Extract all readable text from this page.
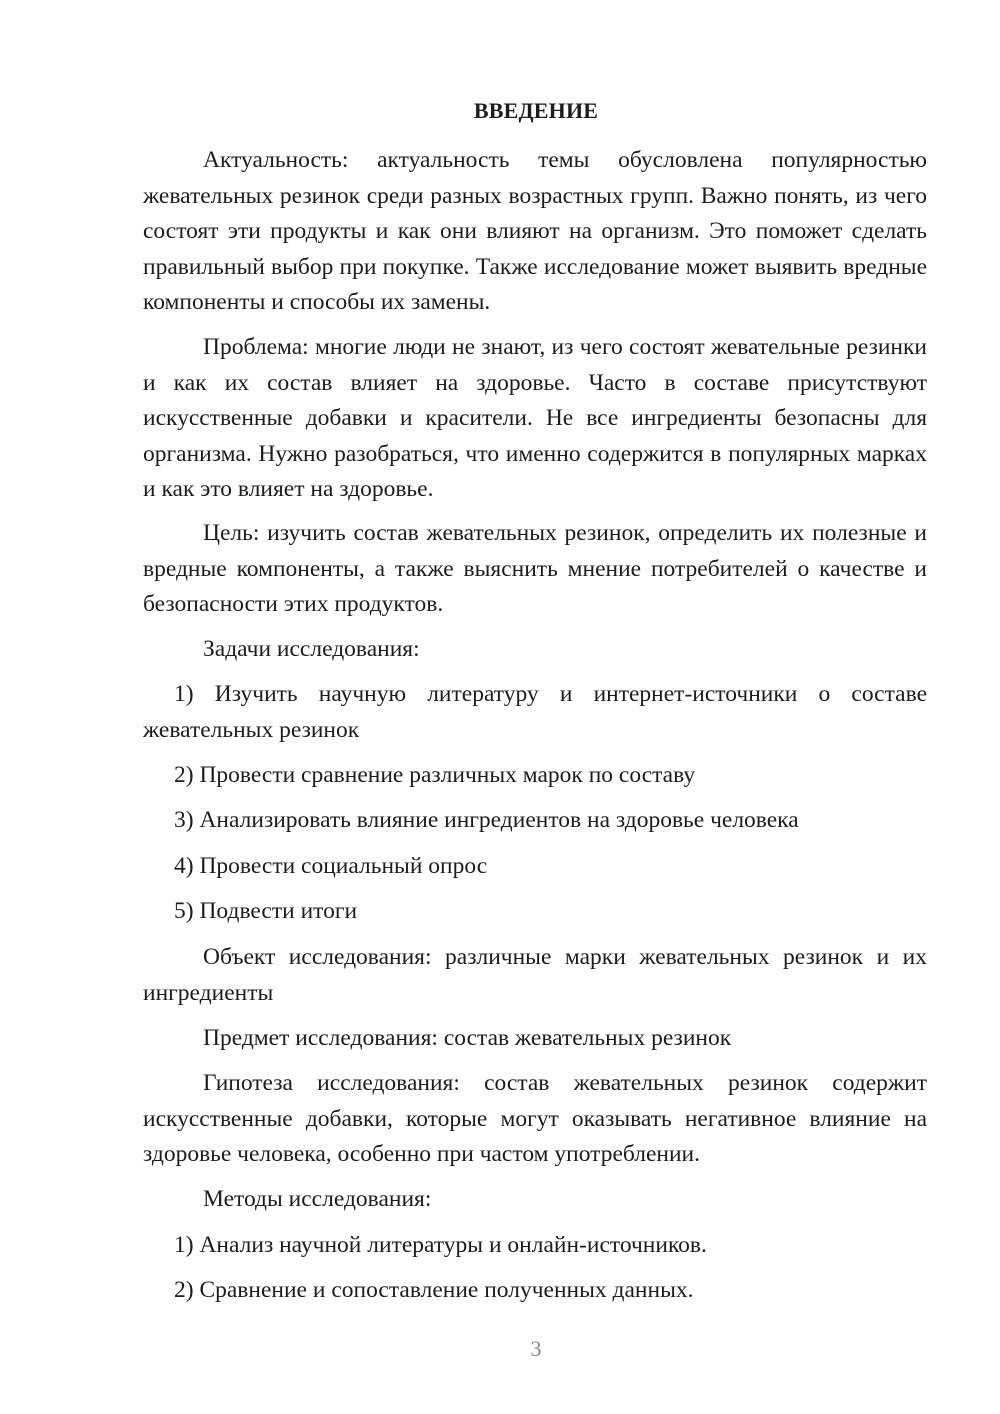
ВВЕДЕНИЕ

Актуальность: актуальность темы обусловлена популярностью жевательных резинок среди разных возрастных групп. Важно понять, из чего состоят эти продукты и как они влияют на организм. Это поможет сделать правильный выбор при покупке. Также исследование может выявить вредные компоненты и способы их замены.

Проблема: многие люди не знают, из чего состоят жевательные резинки и как их состав влияет на здоровье. Часто в составе присутствуют искусственные добавки и красители. Не все ингредиенты безопасны для организма. Нужно разобраться, что именно содержится в популярных марках и как это влияет на здоровье.

Цель: изучить состав жевательных резинок, определить их полезные и вредные компоненты, а также выяснить мнение потребителей о качестве и безопасности этих продуктов.

Задачи исследования:

1) Изучить научную литературу и интернет-источники о составе жевательных резинок

2) Провести сравнение различных марок по составу

3) Анализировать влияние ингредиентов на здоровье человека

4) Провести социальный опрос

5) Подвести итоги

Объект исследования: различные марки жевательных резинок и их ингредиенты

Предмет исследования: состав жевательных резинок

Гипотеза исследования: состав жевательных резинок содержит искусственные добавки, которые могут оказывать негативное влияние на здоровье человека, особенно при частом употреблении.

Методы исследования:

1) Анализ научной литературы и онлайн-источников.

2) Сравнение и сопоставление полученных данных.

3
